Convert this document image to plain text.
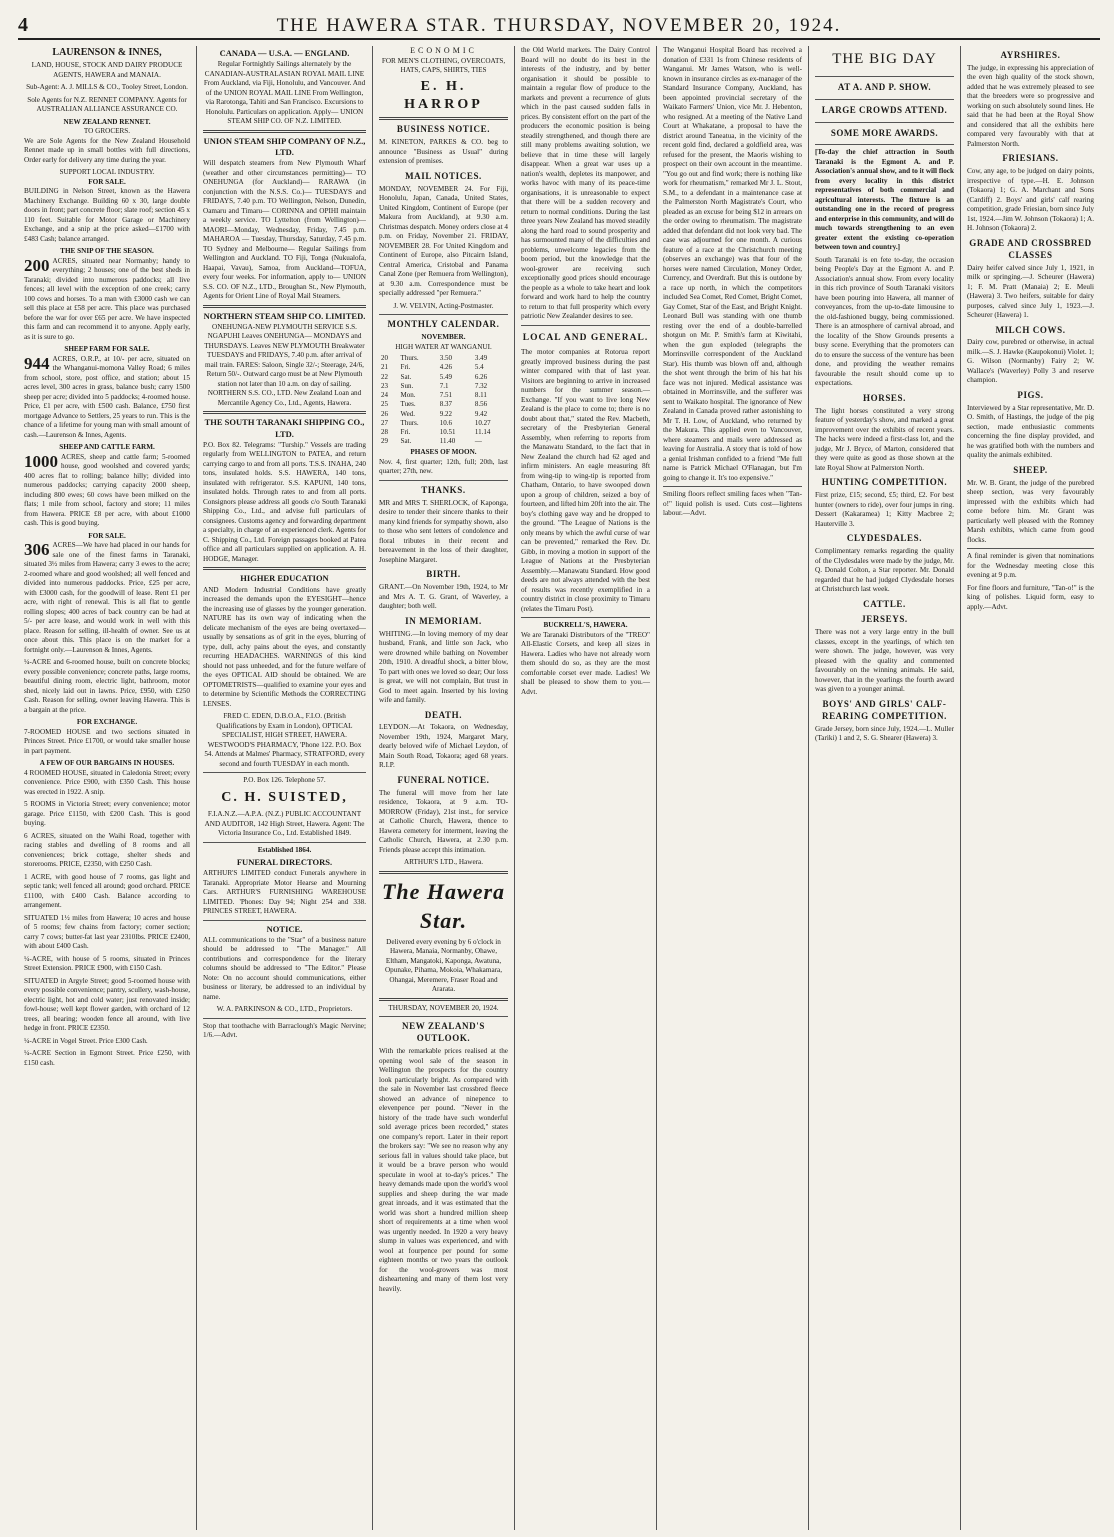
4	THE HAWERA STAR. THURSDAY, NOVEMBER 20, 1924.
LAURENSON & INNES,

LAND, HOUSE, STOCK AND DAIRY PRODUCE AGENTS, HAWERA and MANAIA.

Sub-Agent: A. J. MILLS & CO., Tooley Street, London.

Sole Agents for N.Z. RENNET COMPANY. Agents for AUSTRALIAN ALLIANCE ASSURANCE CO.

NEW ZEALAND RENNET.

TO GROCERS.

We are Sole Agents for the New Zealand Household Rennet made up in small bottles with full directions, Order early for delivery any time during the year.

SUPPORT LOCAL INDUSTRY.

FOR SALE.

BUILDING in Nelson Street, known as the Hawera Machinery Exchange. Building 60 x 30, large double doors in front; part concrete floor; slate roof; section 45 x 110 feet. Suitable for Motor Garage or Machinery Exchange, and a snip at the price asked—£1700 with £483 Cash; balance arranged.

THE SNIP OF THE SEASON.

200 ACRES, situated near Normanby; handy to everything; 2 houses; one of the best sheds in Taranaki; divided into numerous paddocks; all live fences; all level with the exception of one creek; carry 100 cows and horses. To a man with £3000 cash we can sell this place at £58 per acre. This place was purchased before the war for over £65 per acre. We have inspected this farm and can recommend it to anyone. Apply early, as it is sure to go.

SHEEP FARM FOR SALE.

944 ACRES, O.R.P., at 10/- per acre, situated on the Whanganui-momona Valley Road; 6 miles from school, store, post office, and station; about 15 acres level, 300 acres in grass, balance bush; carry 1500 sheep per acre; divided into 5 paddocks; 4-roomed house. Price, £1 per acre, with £500 cash. Balance, £750 first mortgage Advance to Settlers, 25 years to run. This is the chance of a lifetime for young man with small amount of cash.—Laurenson & Innes, Agents.

SHEEP AND CATTLE FARM.

1000 ACRES, sheep and cattle farm; 5-roomed house, good woolshed and covered yards; 400 acres flat to rolling; balance hilly; divided into numerous paddocks; carrying capacity 2000 sheep, including 800 ewes; 60 cows have been milked on the flats; 1 mile from school, factory and store; 11 miles from Hawera. PRICE £8 per acre, with about £1000 cash. This is good buying.

FOR SALE.

306 ACRES—We have had placed in our hands for sale one of the finest farms in Taranaki, situated 3½ miles from Hawera; carry 3 ewes to the acre; 2-roomed whare and good woolshed; all well fenced and divided into numerous paddocks. Price, £25 per acre, with £3000 cash, for the goodwill of lease. Rent £1 per acre, with right of renewal. This is all flat to gentle rolling slopes; 400 acres of back country can be had at 5/- per acre lease, and would work in well with this place. Reason for selling, ill-health of owner. See us at once about this. This place is on the market for a fortnight only.—Laurenson & Innes, Agents.

¼-ACRE and 6-roomed house, built on concrete blocks; every possible convenience; concrete paths, large rooms, beautiful dining room, electric light, bathroom, motor shed, nicely laid out in lawns. Price, £950, with £250 Cash. Reason for selling, owner leaving Hawera. This is a bargain at the price.

FOR EXCHANGE.

7-ROOMED HOUSE and two sections situated in Princes Street. Price £1700, or would take smaller house in part payment.

A FEW OF OUR BARGAINS IN HOUSES.

4 ROOMED HOUSE, situated in Caledonia Street; every convenience. Price £900, with £350 Cash. This house was erected in 1922. A snip.

5 ROOMS in Victoria Street; every convenience; motor garage. Price £1150, with £200 Cash. This is good buying.

6 ACRES, situated on the Waihi Road, together with racing stables and dwelling of 8 rooms and all conveniences; brick cottage, shelter sheds and storerooms. PRICE, £2350, with £250 Cash.

1 ACRE, with good house of 7 rooms, gas light and septic tank; well fenced all around; good orchard. PRICE £1100, with £400 Cash. Balance according to arrangement.

SITUATED 1½ miles from Hawera; 10 acres and house of 5 rooms; few chains from factory; corner section; carry 7 cows; butter-fat last year 2310lbs. PRICE £2400, with about £400 Cash.

¼-ACRE, with house of 5 rooms, situated in Princes Street Extension. PRICE £900, with £150 Cash.

SITUATED in Argyle Street; good 5-roomed house with every possible convenience; pantry, scullery, wash-house, electric light, hot and cold water; just renovated inside; fowl-house; well kept flower garden, with orchard of 12 trees, all bearing; wooden fence all around, with live hedge in front. PRICE £2350.

¼-ACRE in Vogel Street. Price £300 Cash.

¼-ACRE Section in Egmont Street. Price £250, with £150 cash.

CANADA — U.S.A. — ENGLAND.

Regular Fortnightly Sailings alternately by the CANADIAN-AUSTRALASIAN ROYAL MAIL LINE From Auckland, via Fiji, Honolulu, and Vancouver. And of the UNION ROYAL MAIL LINE From Wellington, via Rarotonga, Tahiti and San Francisco. Excursions to Honolulu. Particulars on application. Apply— UNION STEAM SHIP CO. OF N.Z. LIMITED.

UNION STEAM SHIP COMPANY OF N.Z., LTD.

Will despatch steamers from New Plymouth Wharf (weather and other circumstances permitting)— TO ONEHUNGA (for Auckland)— RARAWA (in conjunction with the N.S.S. Co.)— TUESDAYS and FRIDAYS, 7.40 p.m. TO Wellington, Nelson, Dunedin, Oamaru and Timaru— CORINNA and OPIHI maintain a weekly service. TO Lyttelton (from Wellington)— MAORI—Monday, Wednesday, Friday, 7.45 p.m. MAHAROA — Tuesday, Thursday, Saturday, 7.45 p.m. TO Sydney and Melbourne— Regular Sailings from Wellington and Auckland. TO Fiji, Tonga (Nukualofa, Haapai, Vavau), Samoa, from Auckland—TOFUA, every four weeks. For information, apply to— UNION S.S. CO. OF N.Z., LTD., Broughan St., New Plymouth, Agents for Orient Line of Royal Mail Steamers.

NORTHERN STEAM SHIP CO. LIMITED.

ONEHUNGA-NEW PLYMOUTH SERVICE S.S. NGAPUHI Leaves ONEHUNGA— MONDAYS and THURSDAYS. Leaves NEW PLYMOUTH Breakwater TUESDAYS and FRIDAYS, 7.40 p.m. after arrival of mail train. FARES: Saloon, Single 32/-; Steerage, 24/6, Return 50/-. Outward cargo must be at New Plymouth station not later than 10 a.m. on day of sailing. NORTHERN S.S. CO., LTD. New Zealand Loan and Mercantile Agency Co., Ltd., Agents, Hawera.

THE SOUTH TARANAKI SHIPPING CO., LTD.

P.O. Box 82. Telegrams: "Turship." Vessels are trading regularly from WELLINGTON to PATEA, and return carrying cargo to and from all ports. T.S.S. INAHA, 240 tons, insulated holds. S.S. HAWERA, 140 tons, insulated with refrigerator. S.S. KAPUNI, 140 tons, insulated holds. Through rates to and from all ports. Consignors please address all goods c/o South Taranaki Shipping Co., Ltd., and advise full particulars of consignees. Customs agency and forwarding department a specialty, in charge of an experienced clerk. Agents for C. Shipping Co., Ltd. Foreign passages booked at Patea office and all particulars supplied on application. A. H. HODGE, Manager.

HIGHER EDUCATION

AND Modern Industrial Conditions have greatly increased the demands upon the EYESIGHT—hence the increasing use of glasses by the younger generation. NATURE has its own way of indicating when the delicate mechanism of the eyes are being overtaxed—usually by sensations as of grit in the eyes, blurring of type, dull, achy pains about the eyes, and constantly recurring HEADACHES. WARNINGS of this kind should not pass unheeded, and for the future welfare of the eyes OPTICAL AID should be obtained. We are OPTOMETRISTS—qualified to examine your eyes and to determine by Scientific Methods the CORRECTING LENSES.

FRED C. EDEN, D.B.O.A., F.I.O. (British Qualifications by Exam in London), OPTICAL SPECIALIST, HIGH STREET, HAWERA. WESTWOOD'S PHARMACY, 'Phone 122. P.O. Box 54. Attends at Malmes' Pharmacy, STRATFORD, every second and fourth TUESDAY in each month.

P.O. Box 126. Telephone 57.

C. H. SUISTED,

F.I.A.N.Z.—A.P.A. (N.Z.) PUBLIC ACCOUNTANT AND AUDITOR, 142 High Street, Hawera. Agent: The Victoria Insurance Co., Ltd. Established 1849.

Established 1864.

FUNERAL DIRECTORS.

ARTHUR'S LIMITED conduct Funerals anywhere in Taranaki. Appropriate Motor Hearse and Mourning Cars. ARTHUR'S FURNISHING WAREHOUSE LIMITED. 'Phones: Day 94; Night 254 and 338. PRINCES STREET, HAWERA.

NOTICE.

ALL communications to the "Star" of a business nature should be addressed to "The Manager." All contributions and correspondence for the literary columns should be addressed to "The Editor." Please Note: On no account should communications, either business or literary, be addressed to an individual by name.

W. A. PARKINSON & CO., LTD., Proprietors.

Stop that toothache with Barraclough's Magic Nervine; 1/6.—Advt.

ECONOMIC

FOR MEN'S CLOTHING, OVERCOATS, HATS, CAPS, SHIRTS, TIES

E. H. HARROP

BUSINESS NOTICE.

M. KINETON, PARKES & CO. beg to announce "Business as Usual" during extension of premises.

MAIL NOTICES.

MONDAY, NOVEMBER 24. For Fiji, Honolulu, Japan, Canada, United States, United Kingdom, Continent of Europe (per Makura from Auckland), at 9.30 a.m. Christmas despatch. Money orders close at 4 p.m. on Friday, November 21. FRIDAY, NOVEMBER 28. For United Kingdom and Continent of Europe, also Pitcairn Island, Central America, Cristobal and Panama Canal Zone (per Remuera from Wellington), at 9.30 a.m. Correspondence must be specially addressed "per Remuera."

J. W. VELVIN, Acting-Postmaster.

MONTHLY CALENDAR.

NOVEMBER.

HIGH WATER AT WANGANUI.

20	Thurs.	3.50	3.49
21	Fri.	4.26	5.4
22	Sat.	5.49	6.26
23	Sun.	7.1	7.32
24	Mon.	7.51	8.11
25	Tues.	8.37	8.56
26	Wed.	9.22	9.42
27	Thurs.	10.6	10.27
28	Fri.	10.51	11.14
29	Sat.	11.40	—

PHASES OF MOON.

Nov. 4, first quarter; 12th, full; 20th, last quarter; 27th, new.

THANKS.

MR and MRS T. SHERLOCK, of Kaponga, desire to tender their sincere thanks to their many kind friends for sympathy shown, also to those who sent letters of condolence and floral tributes in their recent and bereavement in the loss of their daughter, Josephine Margaret.

BIRTH.

GRANT.—On November 19th, 1924, to Mr and Mrs A. T. G. Grant, of Waverley, a daughter; both well.

IN MEMORIAM.

WHITING.—In loving memory of my dear husband, Frank, and little son Jack, who were drowned while bathing on November 20th, 1910. A dreadful shock, a bitter blow, To part with ones we loved so dear; Our loss is great, we will not complain, But trust in God to meet again. Inserted by his loving wife and family.

DEATH.

LEYDON.—At Tokaora, on Wednesday, November 19th, 1924, Margaret Mary, dearly beloved wife of Michael Leydon, of Main South Road, Tokaora; aged 68 years. R.I.P.

FUNERAL NOTICE.

The funeral will move from her late residence, Tokaora, at 9 a.m. TO-MORROW (Friday), 21st inst., for service at Catholic Church, Hawera, thence to Hawera cemetery for interment, leaving the Catholic Church, Hawera, at 2.30 p.m. Friends please accept this intimation.

ARTHUR'S LTD., Hawera.

The Hawera Star.

Delivered every evening by 6 o'clock in Hawera, Manaia, Normanby, Ohawe, Eltham, Mangatoki, Kaponga, Awatuna, Opunake, Pihama, Mokoia, Whakamara, Ohangai, Meremere, Fraser Road and Ararata.

THURSDAY, NOVEMBER 20, 1924.

NEW ZEALAND'S OUTLOOK.

With the remarkable prices realised at the opening wool sale of the season in Wellington the prospects for the country look particularly bright. As compared with the sale in November last crossbred fleece showed an advance of ninepence to elevenpence per pound. "Never in the history of the trade have such wonderful sold average prices been recorded," states one company's report. Later in their report the brokers say: "We see no reason why any serious fall in values should take place, but it would be a brave person who would speculate in wool at to-day's prices." The heavy demands made upon the world's wool supplies and sheep during the war made great inroads, and it was estimated that the world was short a hundred million sheep short of requirements at a time when wool was urgently needed. In 1920 a very heavy slump in values was experienced, and with wool at fourpence per pound for some eighteen months or two years the outlook for the wool-growers was most disheartening and many of them lost very heavily.

the Old World markets. The Dairy Control Board will no doubt do its best in the interests of the industry, and by better organisation it should be possible to maintain a regular flow of produce to the markets and prevent a recurrence of gluts which in the past caused sudden falls in prices. By consistent effort on the part of the producers the economic position is being steadily strengthened, and though there are still many problems awaiting solution, we believe that in time these will largely disappear. When a great war uses up a nation's wealth, depletes its manpower, and works havoc with many of its peace-time organisations, it is unreasonable to expect that there will be a sudden recovery and return to normal conditions. During the last three years New Zealand has moved steadily along the hard road to sound prosperity and has surmounted many of the difficulties and problems, unwelcome legacies from the boom period, but the knowledge that the wool-grower are receiving such exceptionally good prices should encourage the people as a whole to take heart and look forward and work hard to help the country to return to that full prosperity which every patriotic New Zealander desires to see.

LOCAL AND GENERAL.

The motor companies at Rotorua report greatly improved business during the past winter compared with that of last year. Visitors are beginning to arrive in increased numbers for the summer season.—Exchange. "If you want to live long New Zealand is the place to come to; there is no doubt about that," stated the Rev. Macbeth, secretary of the Presbyterian General Assembly, when referring to reports from the Manawatu Standard, to the fact that in New Zealand the church had 62 aged and infirm ministers. An eagle measuring 8ft from wing-tip to wing-tip is reported from Chatham, Ontario, to have swooped down upon a group of children, seized a boy of fourteen, and lifted him 20ft into the air. The boy's clothing gave way and he dropped to the ground. "The League of Nations is the only means by which the awful curse of war can be prevented," remarked the Rev. Dr. Gibb, in moving a motion in support of the League of Nations at the Presbyterian Assembly.—Manawatu Standard. How good deeds are not always attended with the best of results was recently exemplified in a country district in close proximity to Timaru (relates the Timaru Post).

BUCKRELL'S, HAWERA.

We are Taranaki Distributors of the "TREO" All-Elastic Corsets, and keep all sizes in Hawera. Ladies who have not already worn them should do so, as they are the most comfortable corset ever made. Ladies! We shall be pleased to show them to you.—Advt.

The Wanganui Hospital Board has received a donation of £331 1s from Chinese residents of Wanganui. Mr James Watson, who is well-known in insurance circles as ex-manager of the Standard Insurance Company, Auckland, has been appointed provincial secretary of the Waikato Farmers' Union, vice Mr. J. Hebenton, who resigned. At a meeting of the Native Land Court at Whakatane, a proposal to have the district around Taneatua, in the vicinity of the recent gold find, declared a goldfield area, was refused for the present, the Maoris wishing to prospect on their own account in the meantime. "You go out and find work; there is nothing like work for rheumatism," remarked Mr J. L. Stout, S.M., to a defendant in a maintenance case at the Palmerston North Magistrate's Court, who pleaded as an excuse for being $12 in arrears on the order owing to rheumatism. The magistrate added that defendant did not look very bad. The case was adjourned for one month. A curious feature of a race at the Christchurch meeting (observes an exchange) was that four of the horses were named Circulation, Money Order, Currency, and Overdraft. But this is outdone by a race up north, in which the competitors included Sea Comet, Red Comet, Bright Comet, Gay Comet, Star of the East, and Bright Knight. Leonard Bull was standing with one thumb resting over the end of a double-barrelled shotgun on Mr. P. Smith's farm at Kiwitahi, when the gun exploded (telegraphs the Morrinsville correspondent of the Auckland Star). His thumb was blown off and, although the shot went through the brim of his hat his face was not injured. Medical assistance was obtained in Morrinsville, and the sufferer was sent to Waikato hospital. The ignorance of New Zealand in Canada proved rather astonishing to Mr T. H. Low, of Auckland, who returned by the Makura. This applied even to Vancouver, where steamers and mails were addressed as leaving for Australia. A story that is told of how a genial Irishman confided to a friend "Me full name is Patrick Michael O'Flanagan, but I'm going to change it. It's too expensive."

Smiling floors reflect smiling faces when "Tan-o!" liquid polish is used. Cuts cost—lightens labour.—Advt.

THE BIG DAY

AT A. AND P. SHOW.

LARGE CROWDS ATTEND.

SOME MORE AWARDS.

[To-day the chief attraction in South Taranaki is the Egmont A. and P. Association's annual show, and to it will flock from every locality in this district representatives of both commercial and agricultural interests. The fixture is an outstanding one in the record of progress and enterprise in this community, and will do much towards strengthening to an even greater extent the existing co-operation between town and country.]

South Taranaki is en fete to-day, the occasion being People's Day at the Egmont A. and P. Association's annual show. From every locality in this rich province of South Taranaki visitors have been pouring into Hawera, all manner of conveyances, from the up-to-date limousine to the old-fashioned buggy, being commissioned. There is an atmosphere of carnival abroad, and the locality of the Show Grounds presents a busy scene. Everything that the promoters can do to ensure the success of the venture has been done, and providing the weather remains favourable the result should come up to expectations.

HORSES.

The light horses constituted a very strong feature of yesterday's show, and marked a great improvement over the exhibits of recent years. The hacks were indeed a first-class lot, and the judge, Mr J. Bryce, of Marton, considered that they were quite as good as those shown at the late Royal Show at Palmerston North.

HUNTING COMPETITION.

First prize, £15; second, £5; third, £2. For best hunter (owners to ride), over four jumps in ring. Dessert (Kakaramea) 1; Kitty Macbree 2; Hauterville 3.

CLYDESDALES.

Complimentary remarks regarding the quality of the Clydesdales were made by the judge, Mr. Q. Donald Colton, a Star reporter. Mr. Donald regarded that he had judged Clydesdale horses at Christchurch last week.

CATTLE.

JERSEYS.

There was not a very large entry in the bull classes, except in the yearlings, of which ten were shown. The judge, however, was very pleased with the quality and commented favourably on the winning animals. He said, however, that in the yearlings the fourth award was given to a younger animal.

BOYS' AND GIRLS' CALF-REARING COMPETITION.

Grade Jersey, born since July, 1924.—L. Muller (Tariki) 1 and 2, S. G. Shearer (Hawera) 3.

AYRSHIRES.

The judge, in expressing his appreciation of the even high quality of the stock shown, added that he was extremely pleased to see that the breeders were so progressive and working on such absolutely sound lines. He said that he had been at the Royal Show and considered that all the exhibits here compared very favourably with that at Palmerston North.

FRIESIANS.

Cow, any age, to be judged on dairy points, irrespective of type.—H. E. Johnson (Tokaora) 1; G. A. Marchant and Sons (Cardiff) 2. Boys' and girls' calf rearing competition, grade Friesian, born since July 1st, 1924.—Jim W. Johnson (Tokaora) 1; A. H. Johnson (Tokaora) 2.

GRADE AND CROSSBRED CLASSES

Dairy heifer calved since July 1, 1921, in milk or springing.—J. Scheurer (Hawera) 1; F. M. Pratt (Manaia) 2; E. Meuli (Hawera) 3. Two heifers, suitable for dairy purposes, calved since July 1, 1923.—J. Scheurer (Hawera) 1.

MILCH COWS.

Dairy cow, purebred or otherwise, in actual milk.—S. J. Hawke (Kaupokonui) Violet. 1; G. Wilson (Normanby) Fairy 2; W. Wallace's (Waverley) Polly 3 and reserve champion.

PIGS.

Interviewed by a Star representative, Mr. D. O. Smith, of Hastings, the judge of the pig section, made enthusiastic comments concerning the fine display provided, and he was gratified both with the numbers and quality the animals exhibited.

SHEEP.

Mr. W. B. Grant, the judge of the purebred sheep section, was very favourably impressed with the exhibits which had come before him. Mr. Grant was particularly well pleased with the Romney Marsh exhibits, which came from good flocks.

A final reminder is given that nominations for the Wednesday meeting close this evening at 9 p.m.

For fine floors and furniture, "Tan-o!" is the king of polishes. Liquid form, easy to apply.—Advt.
